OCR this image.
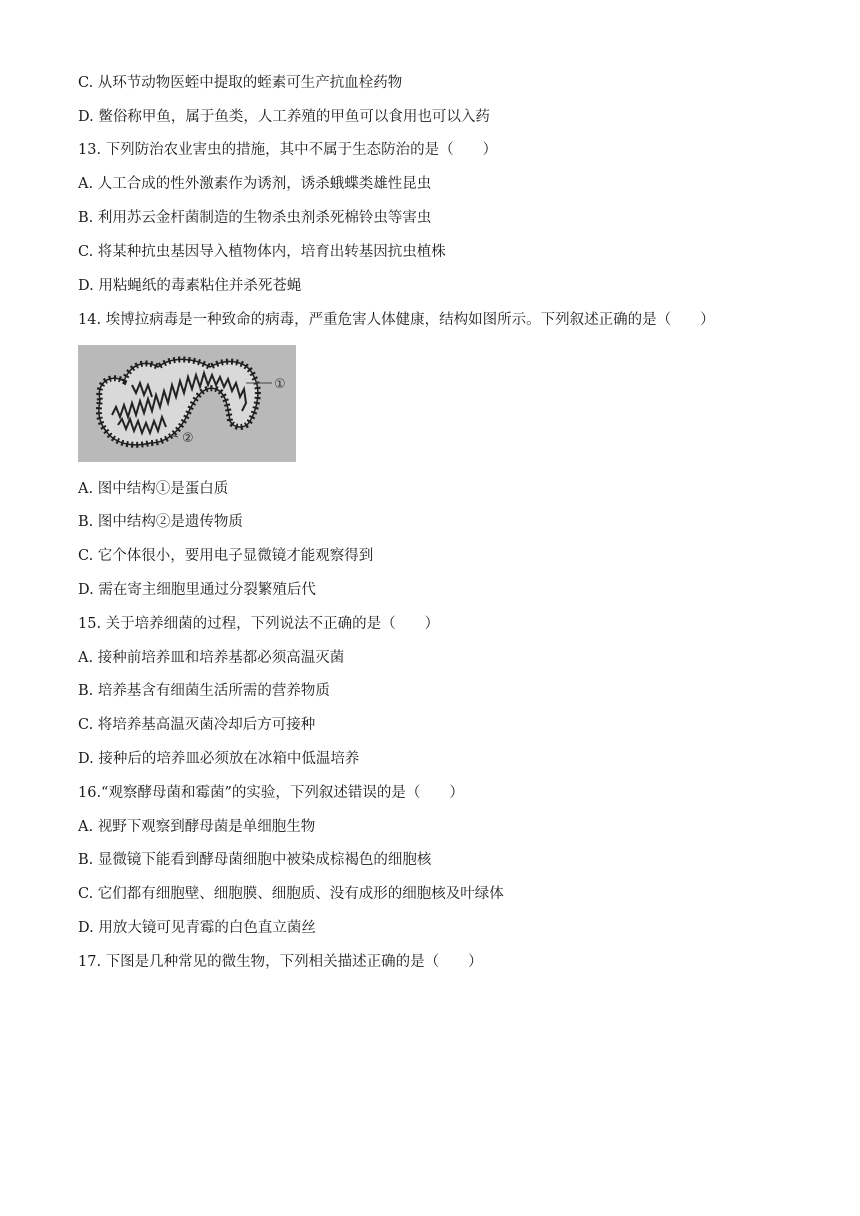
C. 从环节动物医蛭中提取的蛭素可生产抗血栓药物
D. 鳖俗称甲鱼，属于鱼类，人工养殖的甲鱼可以食用也可以入药
13. 下列防治农业害虫的措施，其中不属于生态防治的是（　　）
A. 人工合成的性外激素作为诱剂，诱杀蛾蝶类雄性昆虫
B. 利用苏云金杆菌制造的生物杀虫剂杀死棉铃虫等害虫
C. 将某种抗虫基因导入植物体内，培育出转基因抗虫植株
D. 用粘蝇纸的毒素粘住并杀死苍蝇
14. 埃博拉病毒是一种致命的病毒，严重危害人体健康，结构如图所示。下列叙述正确的是（　　）
①
②
A. 图中结构①是蛋白质
B. 图中结构②是遗传物质
C. 它个体很小，要用电子显微镜才能观察得到
D. 需在寄主细胞里通过分裂繁殖后代
15. 关于培养细菌的过程，下列说法不正确的是（　　）
A. 接种前培养皿和培养基都必须高温灭菌
B. 培养基含有细菌生活所需的营养物质
C. 将培养基高温灭菌冷却后方可接种
D. 接种后的培养皿必须放在冰箱中低温培养
16.“观察酵母菌和霉菌”的实验，下列叙述错误的是（　　）
A. 视野下观察到酵母菌是单细胞生物
B. 显微镜下能看到酵母菌细胞中被染成棕褐色的细胞核
C. 它们都有细胞壁、细胞膜、细胞质、没有成形的细胞核及叶绿体
D. 用放大镜可见青霉的白色直立菌丝
17. 下图是几种常见的微生物，下列相关描述正确的是（　　）
